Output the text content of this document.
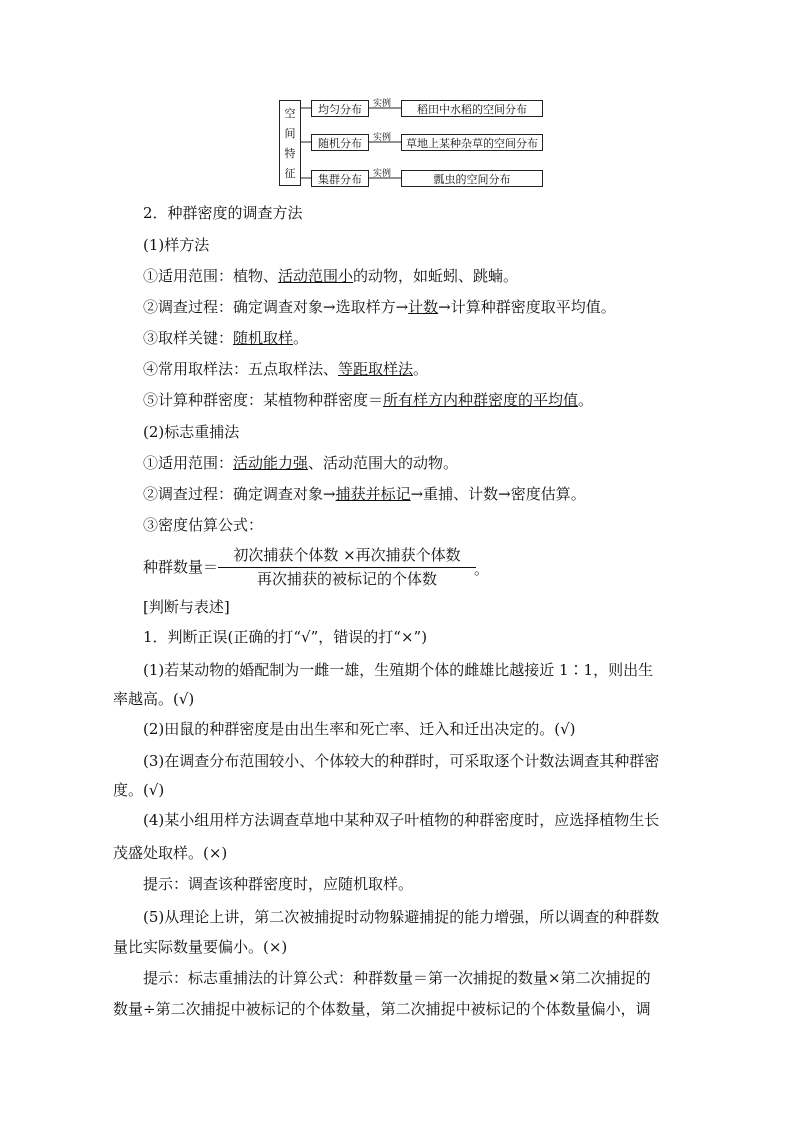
空
间
特
征
均匀分布	实例	稻田中水稻的空间分布
随机分布	实例	草地上某种杂草的空间分布
集群分布	实例	瓢虫的空间分布
2．种群密度的调查方法
(1)样方法
①适用范围：植物、活动范围小的动物，如蚯蚓、跳蝻。
②调查过程：确定调查对象→选取样方→计数→计算种群密度取平均值。
③取样关键：随机取样。
④常用取样法：五点取样法、等距取样法。
⑤计算种群密度：某植物种群密度＝所有样方内种群密度的平均值。
(2)标志重捕法
①适用范围：活动能力强、活动范围大的动物。
②调查过程：确定调查对象→捕获并标记→重捕、计数→密度估算。
③密度估算公式：
种群数量＝
初次捕获个体数 ×再次捕获个体数
再次捕获的被标记的个体数
。
[判断与表述]
1．判断正误(正确的打“√”，错误的打“×”)
(1)若某动物的婚配制为一雌一雄，生殖期个体的雌雄比越接近 1∶1，则出生
率越高。(√)
(2)田鼠的种群密度是由出生率和死亡率、迁入和迁出决定的。(√)
(3)在调查分布范围较小、个体较大的种群时，可采取逐个计数法调查其种群密
度。(√)
(4)某小组用样方法调查草地中某种双子叶植物的种群密度时，应选择植物生长
茂盛处取样。(×)
提示：调查该种群密度时，应随机取样。
(5)从理论上讲，第二次被捕捉时动物躲避捕捉的能力增强，所以调查的种群数
量比实际数量要偏小。(×)
提示：标志重捕法的计算公式：种群数量＝第一次捕捉的数量×第二次捕捉的
数量÷第二次捕捉中被标记的个体数量，第二次捕捉中被标记的个体数量偏小，调
